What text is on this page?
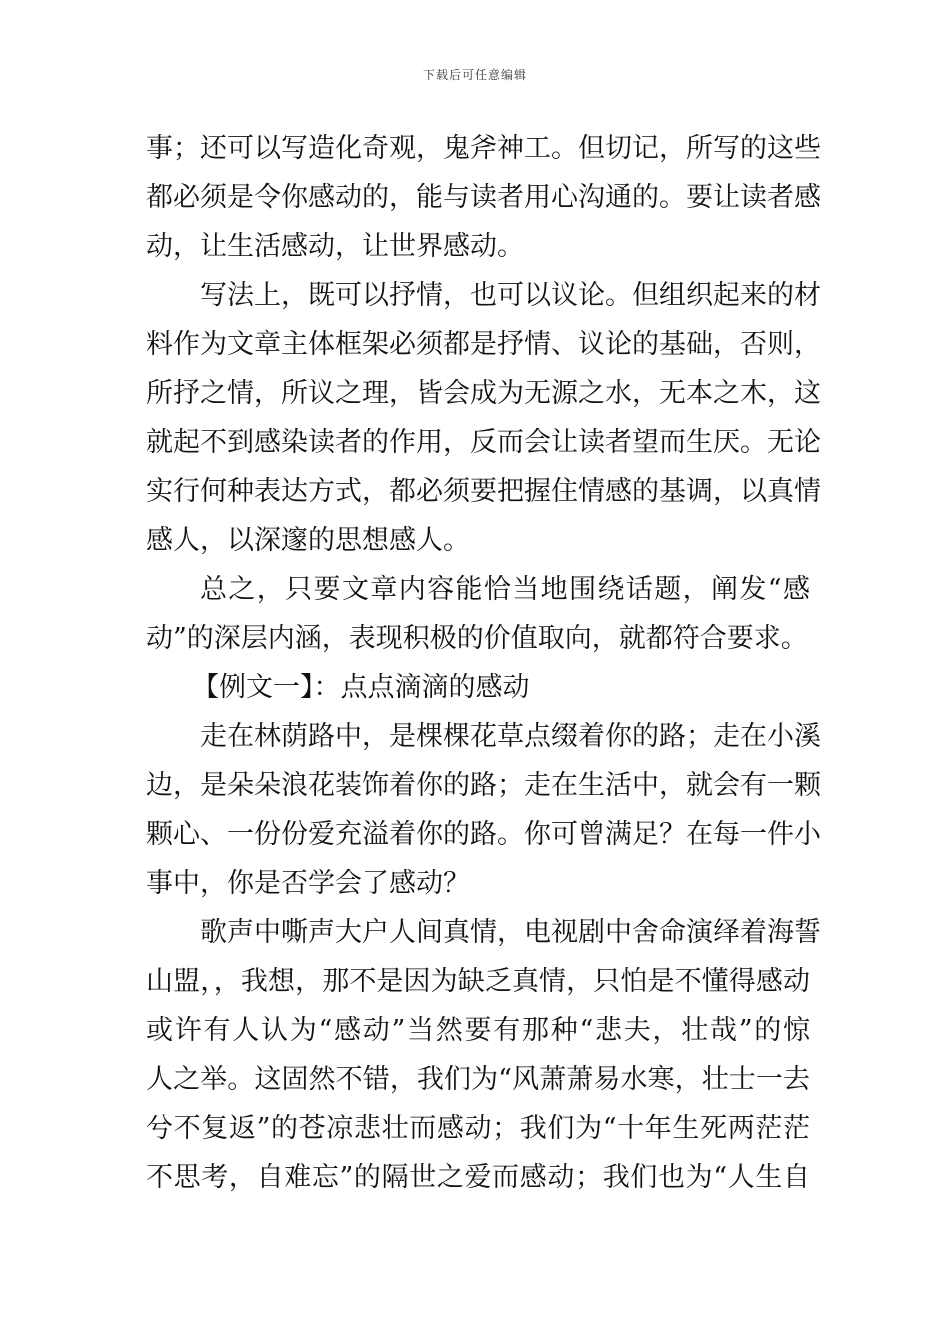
下载后可任意编辑
事；还可以写造化奇观，鬼斧神工。但切记，所写的这些
都必须是令你感动的，能与读者用心沟通的。要让读者感
动，让生活感动，让世界感动。
写法上，既可以抒情，也可以议论。但组织起来的材
料作为文章主体框架必须都是抒情、议论的基础，否则，
所抒之情，所议之理，皆会成为无源之水，无本之木，这
就起不到感染读者的作用，反而会让读者望而生厌。无论
实行何种表达方式，都必须要把握住情感的基调，以真情
感人，以深邃的思想感人。
总之，只要文章内容能恰当地围绕话题，阐发“感
动”的深层内涵，表现积极的价值取向，就都符合要求。
【例文一】：点点滴滴的感动
走在林荫路中，是棵棵花草点缀着你的路；走在小溪
边，是朵朵浪花装饰着你的路；走在生活中，就会有一颗
颗心、一份份爱充溢着你的路。你可曾满足？在每一件小
事中，你是否学会了感动？
歌声中嘶声大户人间真情，电视剧中舍命演绎着海誓
山盟，，我想，那不是因为缺乏真情，只怕是不懂得感动
或许有人认为“感动”当然要有那种“悲夫，壮哉”的惊
人之举。这固然不错，我们为“风萧萧易水寒，壮士一去
兮不复返”的苍凉悲壮而感动；我们为“十年生死两茫茫
不思考，自难忘”的隔世之爱而感动；我们也为“人生自
